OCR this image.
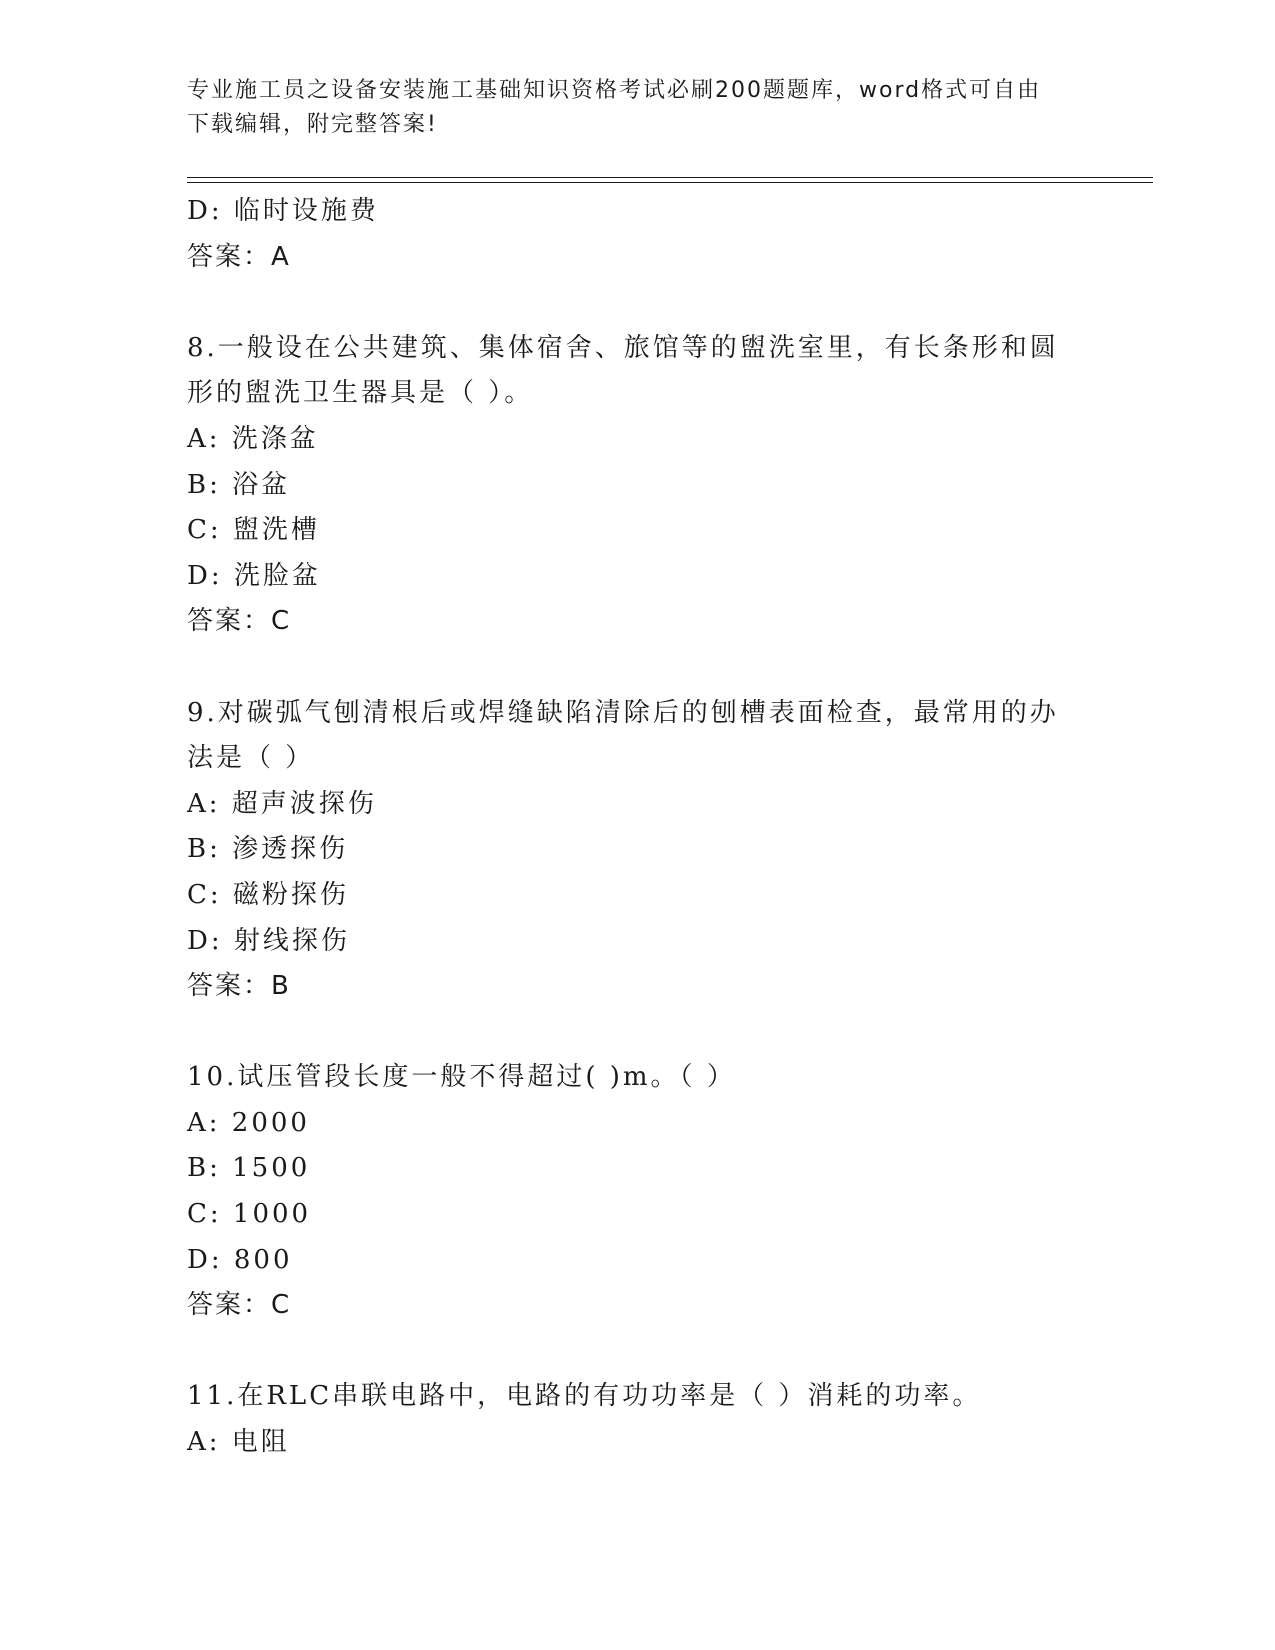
专业施工员之设备安装施工基础知识资格考试必刷200题题库，word格式可自由
下载编辑，附完整答案!
D: 临时设施费
答案：A
8.一般设在公共建筑、集体宿舍、旅馆等的盥洗室里，有长条形和圆
形的盥洗卫生器具是（ ）。
A: 洗涤盆
B: 浴盆
C: 盥洗槽
D: 洗脸盆
答案：C
9.对碳弧气刨清根后或焊缝缺陷清除后的刨槽表面检查，最常用的办
法是（ ）
A: 超声波探伤
B: 渗透探伤
C: 磁粉探伤
D: 射线探伤
答案：B
10.试压管段长度一般不得超过( )m。（ ）
A: 2000
B: 1500
C: 1000
D: 800
答案：C
11.在RLC串联电路中，电路的有功功率是（ ）消耗的功率。
A: 电阻
